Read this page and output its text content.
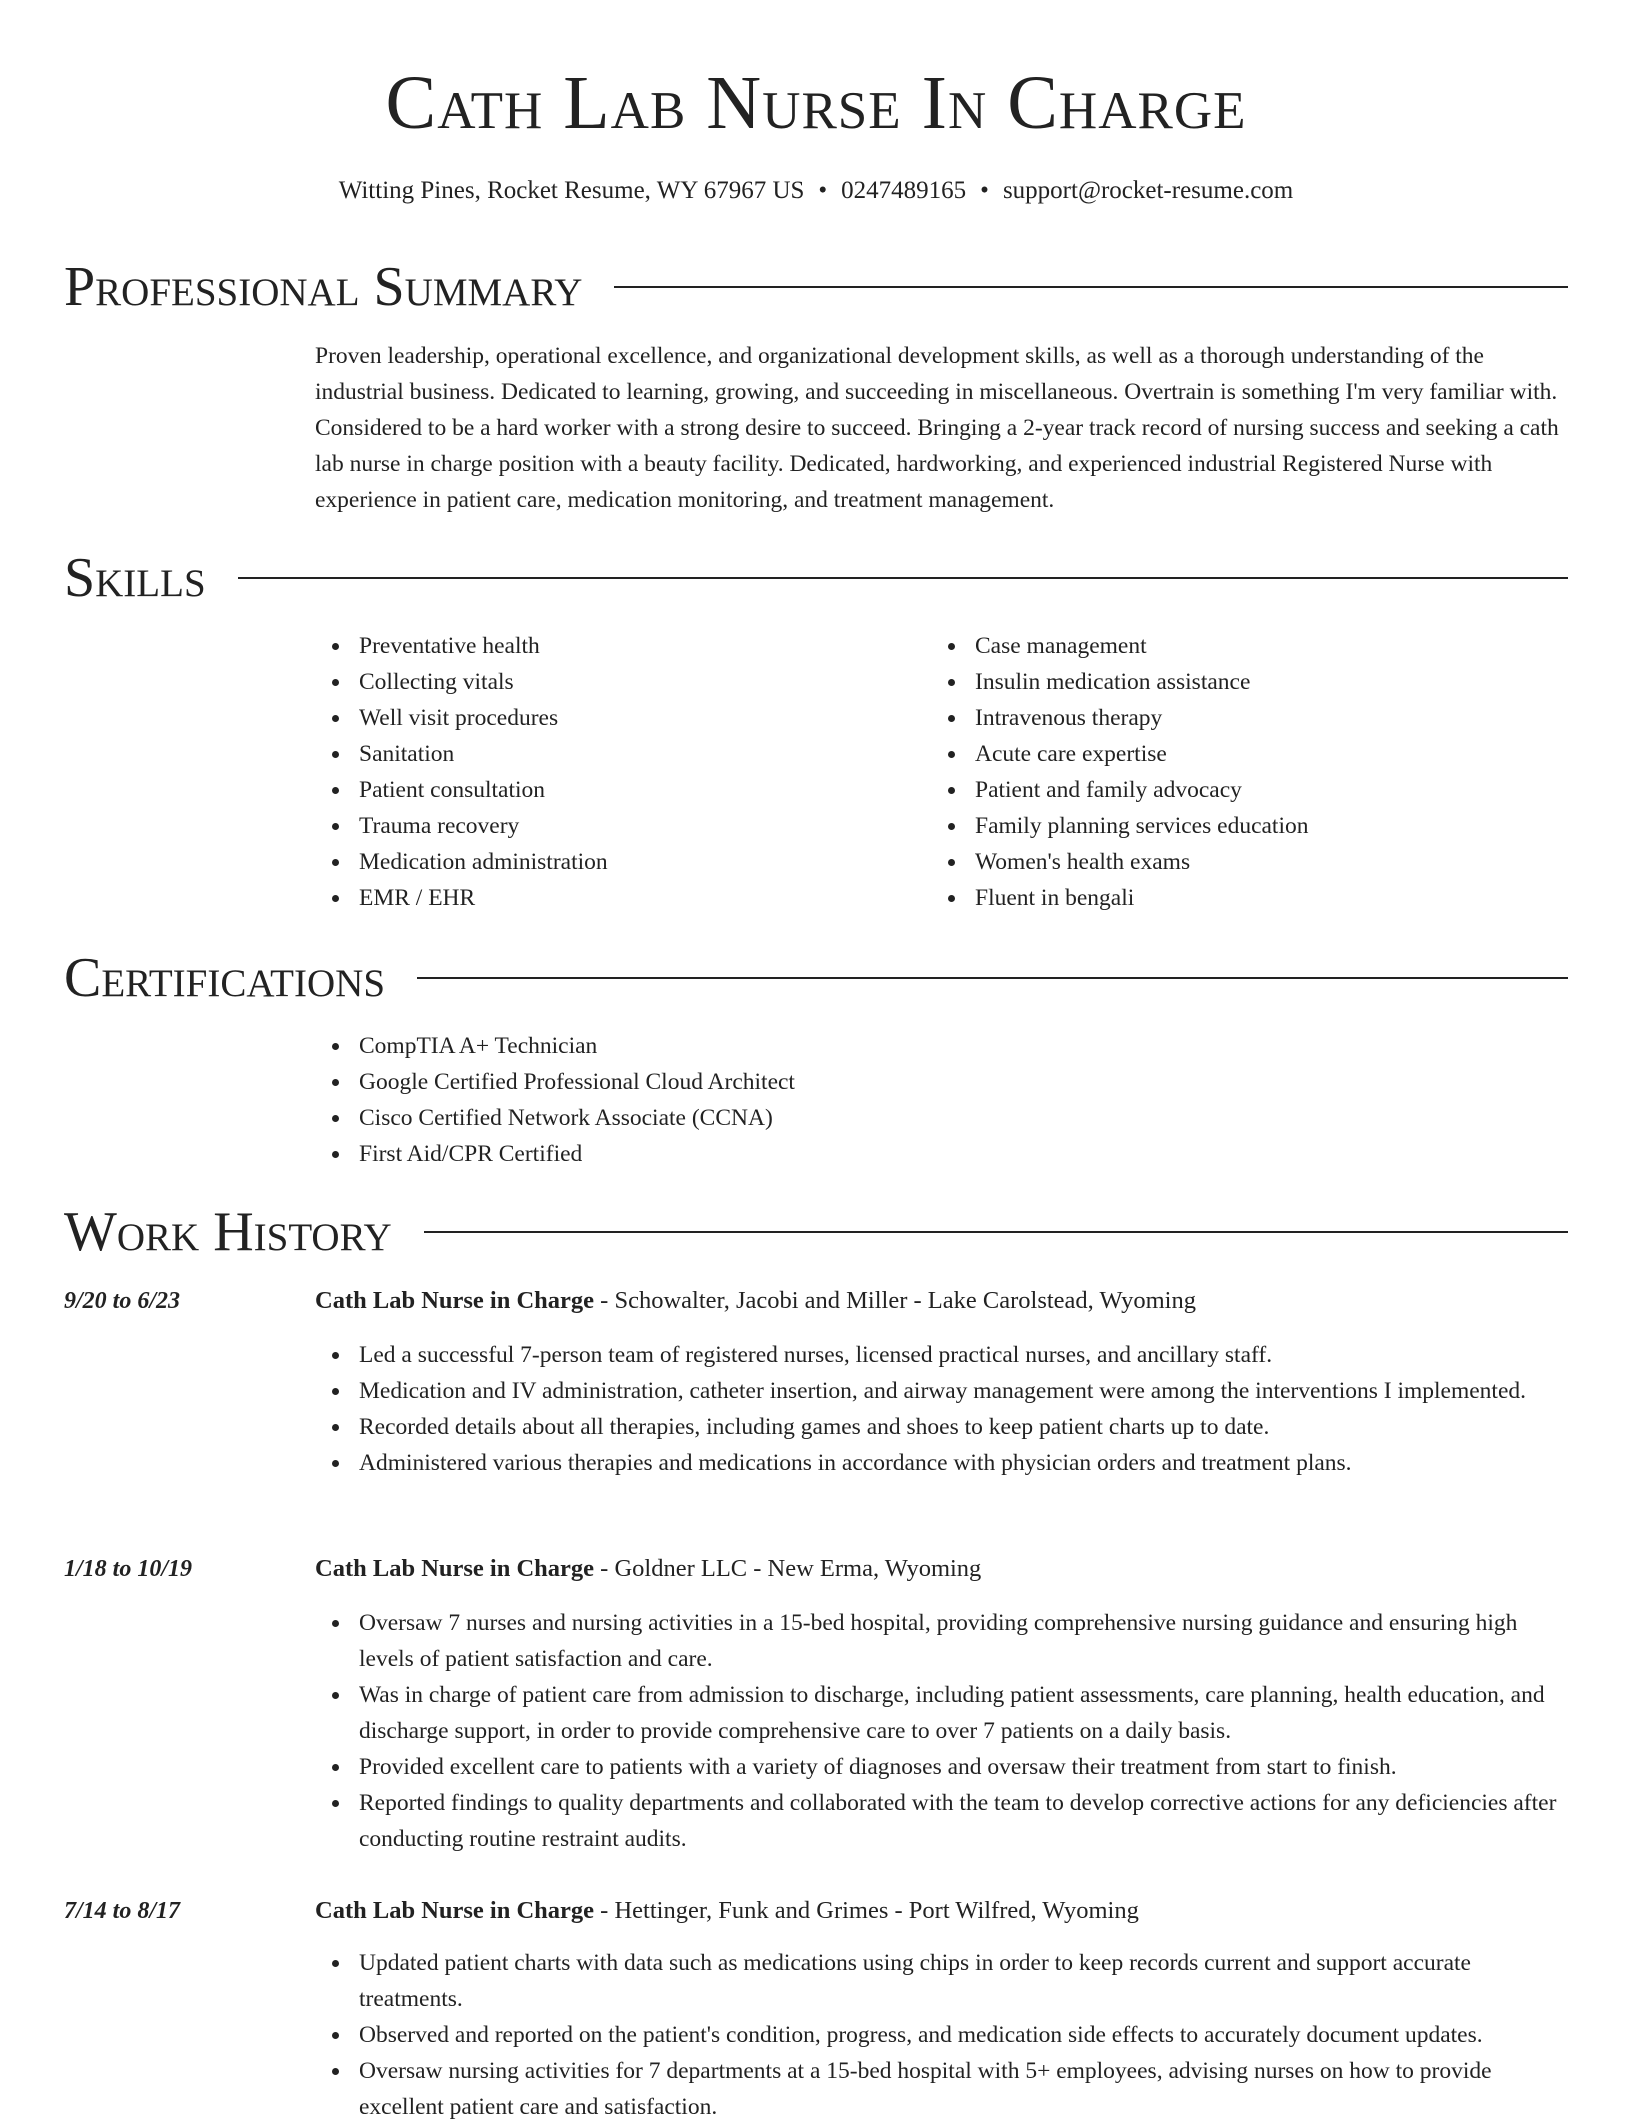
Cath Lab Nurse In Charge
Witting Pines, Rocket Resume, WY 67967 US • 0247489165 • support@rocket-resume.com
Professional Summary
Proven leadership, operational excellence, and organizational development skills, as well as a thorough understanding of the industrial business. Dedicated to learning, growing, and succeeding in miscellaneous. Overtrain is something I'm very familiar with. Considered to be a hard worker with a strong desire to succeed. Bringing a 2-year track record of nursing success and seeking a cath lab nurse in charge position with a beauty facility. Dedicated, hardworking, and experienced industrial Registered Nurse with experience in patient care, medication monitoring, and treatment management.
Skills
Preventative health
Collecting vitals
Well visit procedures
Sanitation
Patient consultation
Trauma recovery
Medication administration
EMR / EHR
Case management
Insulin medication assistance
Intravenous therapy
Acute care expertise
Patient and family advocacy
Family planning services education
Women's health exams
Fluent in bengali
Certifications
CompTIA A+ Technician
Google Certified Professional Cloud Architect
Cisco Certified Network Associate (CCNA)
First Aid/CPR Certified
Work History
9/20 to 6/23	Cath Lab Nurse in Charge - Schowalter, Jacobi and Miller - Lake Carolstead, Wyoming
Led a successful 7-person team of registered nurses, licensed practical nurses, and ancillary staff.
Medication and IV administration, catheter insertion, and airway management were among the interventions I implemented.
Recorded details about all therapies, including games and shoes to keep patient charts up to date.
Administered various therapies and medications in accordance with physician orders and treatment plans.
1/18 to 10/19	Cath Lab Nurse in Charge - Goldner LLC - New Erma, Wyoming
Oversaw 7 nurses and nursing activities in a 15-bed hospital, providing comprehensive nursing guidance and ensuring high levels of patient satisfaction and care.
Was in charge of patient care from admission to discharge, including patient assessments, care planning, health education, and discharge support, in order to provide comprehensive care to over 7 patients on a daily basis.
Provided excellent care to patients with a variety of diagnoses and oversaw their treatment from start to finish.
Reported findings to quality departments and collaborated with the team to develop corrective actions for any deficiencies after conducting routine restraint audits.
7/14 to 8/17	Cath Lab Nurse in Charge - Hettinger, Funk and Grimes - Port Wilfred, Wyoming
Updated patient charts with data such as medications using chips in order to keep records current and support accurate treatments.
Observed and reported on the patient's condition, progress, and medication side effects to accurately document updates.
Oversaw nursing activities for 7 departments at a 15-bed hospital with 5+ employees, advising nurses on how to provide excellent patient care and satisfaction.
